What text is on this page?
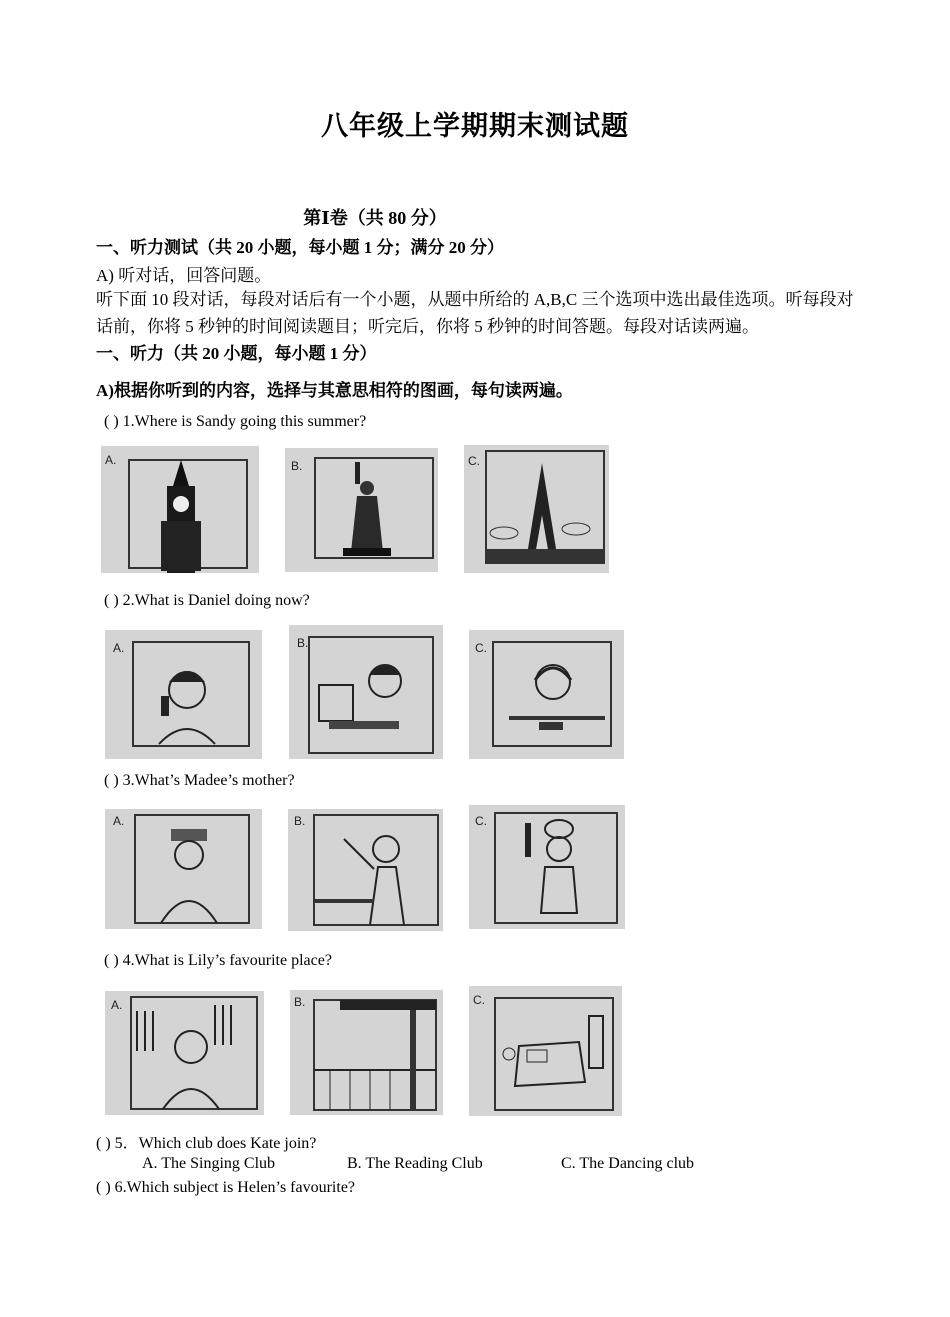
八年级上学期期末测试题
第Ⅰ卷（共 80 分）
一、听力测试（共 20 小题，每小题 1 分；满分 20 分）
A) 听对话，回答问题。
听下面 10 段对话，每段对话后有一个小题，从题中所给的 A,B,C 三个选项中选出最佳选项。听每段对话前，你将 5 秒钟的时间阅读题目；听完后，你将 5 秒钟的时间答题。每段对话读两遍。
一、听力（共 20 小题，每小题 1 分）
A)根据你听到的内容，选择与其意思相符的图画，每句读两遍。
( ) 1.Where is Sandy going this summer?
A.	B.	C.
( ) 2.What is Daniel doing now?
A.	B.	C.
( ) 3.What’s Madee’s mother?
A.	B.	C.
( ) 4.What is Lily’s favourite place?
A.	B.	C.
( ) 5．Which club does Kate join?
A. The Singing Club	B. The Reading Club	C. The Dancing club
( ) 6.Which subject is Helen’s favourite?
